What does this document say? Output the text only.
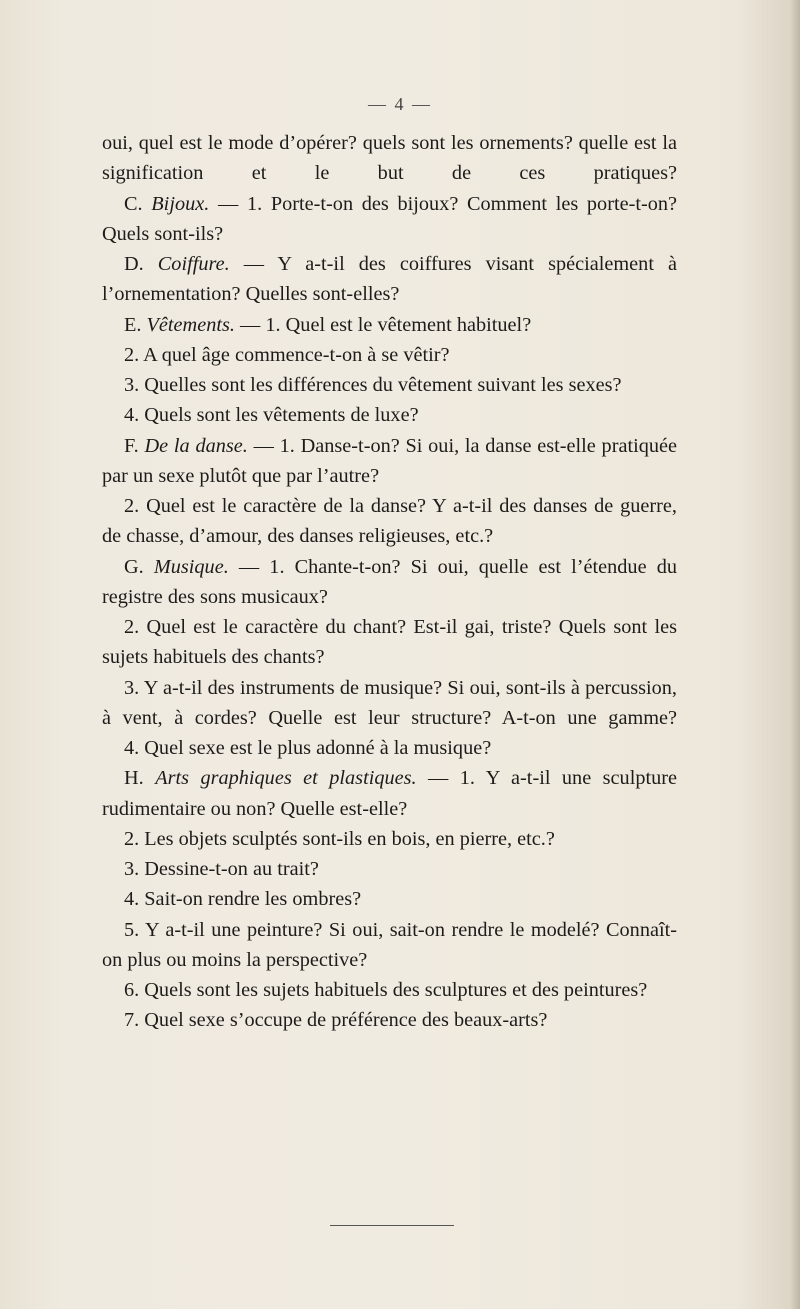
— 4 —

oui, quel est le mode d’opérer? quels sont les ornements? quelle est la signification et le but de ces pratiques?

C. Bijoux. — 1. Porte-t-on des bijoux? Comment les porte-t-on? Quels sont-ils?

D. Coiffure. — Y a-t-il des coiffures visant spécialement à l’ornementation? Quelles sont-elles?

E. Vêtements. — 1. Quel est le vêtement habituel?

2. A quel âge commence-t-on à se vêtir?

3. Quelles sont les différences du vêtement suivant les sexes?

4. Quels sont les vêtements de luxe?

F. De la danse. — 1. Danse-t-on? Si oui, la danse est-elle pratiquée par un sexe plutôt que par l’autre?

2. Quel est le caractère de la danse? Y a-t-il des danses de guerre, de chasse, d’amour, des danses religieuses, etc.?

G. Musique. — 1. Chante-t-on? Si oui, quelle est l’étendue du registre des sons musicaux?

2. Quel est le caractère du chant? Est-il gai, triste? Quels sont les sujets habituels des chants?

3. Y a-t-il des instruments de musique? Si oui, sont-ils à percussion, à vent, à cordes? Quelle est leur structure? A-t-on une gamme?

4. Quel sexe est le plus adonné à la musique?

H. Arts graphiques et plastiques. — 1. Y a-t-il une sculpture rudimentaire ou non? Quelle est-elle?

2. Les objets sculptés sont-ils en bois, en pierre, etc.?

3. Dessine-t-on au trait?

4. Sait-on rendre les ombres?

5. Y a-t-il une peinture? Si oui, sait-on rendre le modelé? Connaît-on plus ou moins la perspective?

6. Quels sont les sujets habituels des sculptures et des peintures?

7. Quel sexe s’occupe de préférence des beaux-arts?
